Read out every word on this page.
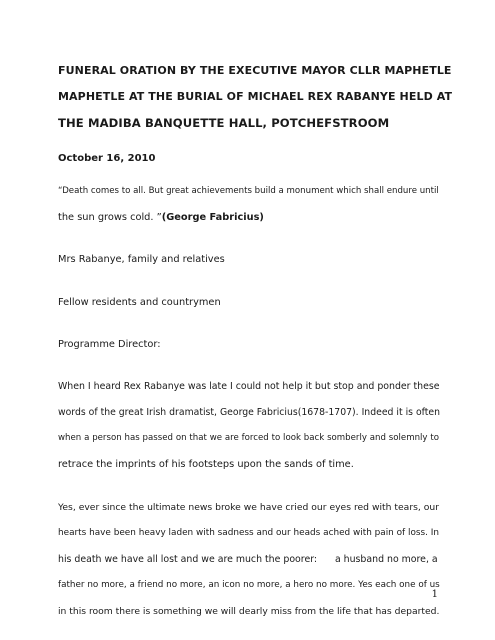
FUNERAL ORATION BY THE EXECUTIVE MAYOR CLLR MAPHETLE
MAPHETLE AT THE BURIAL OF MICHAEL REX RABANYE HELD AT
THE MADIBA BANQUETTE HALL, POTCHEFSTROOM
October 16, 2010
“Death comes to all. But great achievements build a monument which shall endure until
the sun grows cold. ”(George Fabricius)
Mrs Rabanye, family and relatives
Fellow residents and countrymen
Programme Director:
When I heard Rex Rabanye was late I could not help it but stop and ponder these
words of the great Irish dramatist, George Fabricius(1678-1707). Indeed it is often
when a person has passed on that we are forced to look back somberly and solemnly to
retrace the imprints of his footsteps upon the sands of time.
Yes, ever since the ultimate news broke we have cried our eyes red with tears, our
hearts have been heavy laden with sadness and our heads ached with pain of loss. In
his death we have all lost and we are much the poorer:      a husband no more, a
father no more, a friend no more, an icon no more, a hero no more. Yes each one of us
in this room there is something we will dearly miss from the life that has departed.
1
